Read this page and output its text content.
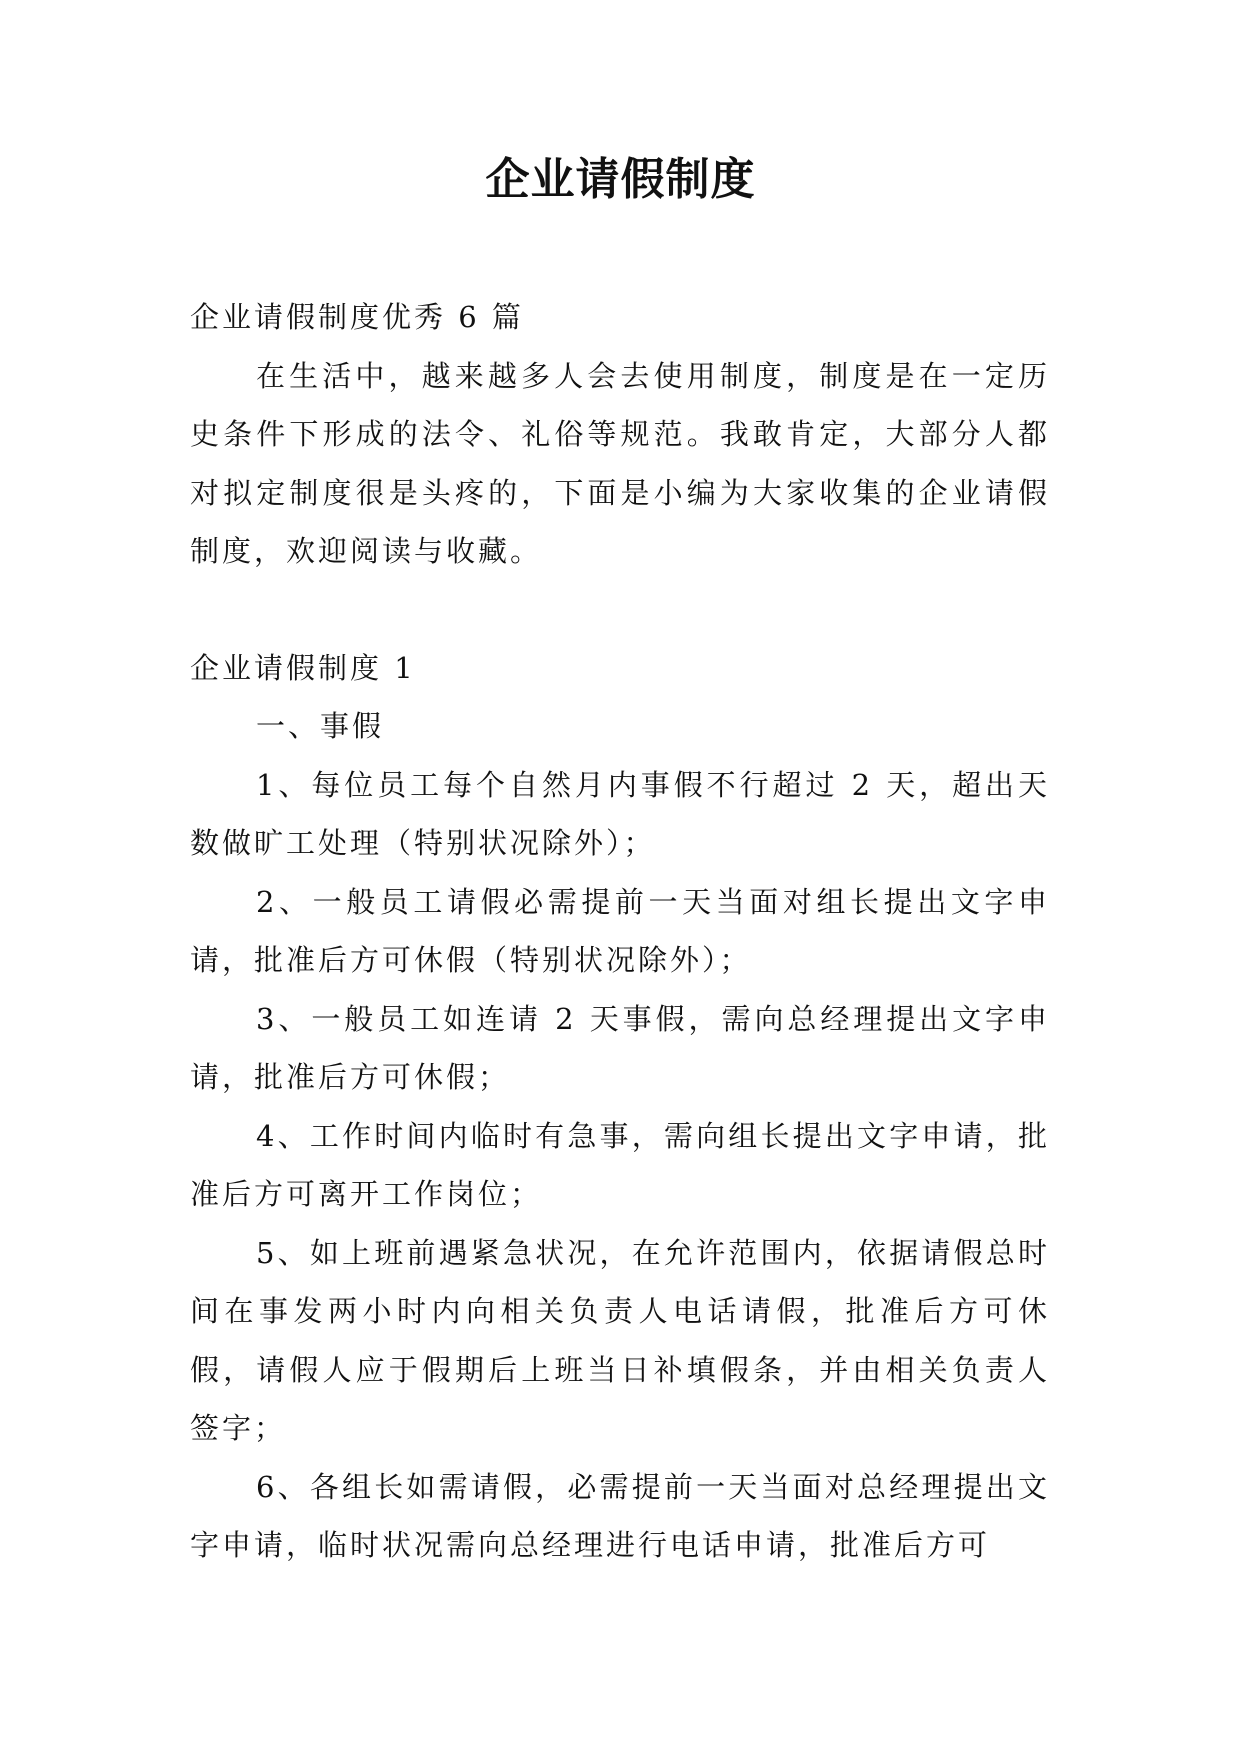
企业请假制度

企业请假制度优秀 6 篇

在生活中，越来越多人会去使用制度，制度是在一定历史条件下形成的法令、礼俗等规范。我敢肯定，大部分人都对拟定制度很是头疼的，下面是小编为大家收集的企业请假制度，欢迎阅读与收藏。

企业请假制度 1

一、事假

1、每位员工每个自然月内事假不行超过 2 天，超出天数做旷工处理（特别状况除外）；

2、一般员工请假必需提前一天当面对组长提出文字申请，批准后方可休假（特别状况除外）；

3、一般员工如连请 2 天事假，需向总经理提出文字申请，批准后方可休假；

4、工作时间内临时有急事，需向组长提出文字申请，批准后方可离开工作岗位；

5、如上班前遇紧急状况，在允许范围内，依据请假总时间在事发两小时内向相关负责人电话请假，批准后方可休假，请假人应于假期后上班当日补填假条，并由相关负责人签字；

6、各组长如需请假，必需提前一天当面对总经理提出文字申请，临时状况需向总经理进行电话申请，批准后方可
